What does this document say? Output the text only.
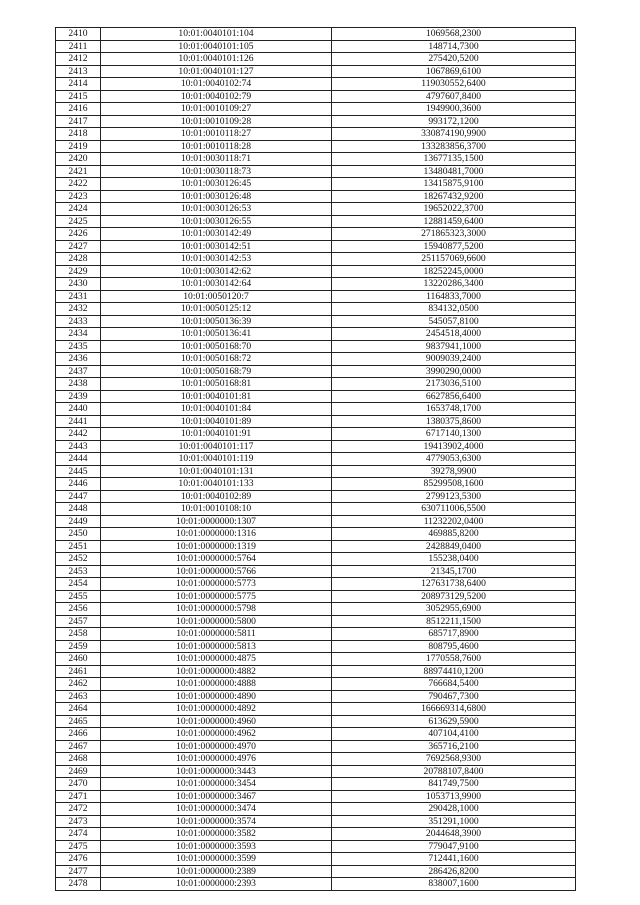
2410	10:01:0040101:104	1069568,2300
2411	10:01:0040101:105	148714,7300
2412	10:01:0040101:126	275420,5200
2413	10:01:0040101:127	1067869,6100
2414	10:01:0040102:74	119030552,6400
2415	10:01:0040102:79	4797607,8400
2416	10:01:0010109:27	1949900,3600
2417	10:01:0010109:28	993172,1200
2418	10:01:0010118:27	330874190,9900
2419	10:01:0010118:28	133283856,3700
2420	10:01:0030118:71	13677135,1500
2421	10:01:0030118:73	13480481,7000
2422	10:01:0030126:45	13415875,9100
2423	10:01:0030126:48	18267432,9200
2424	10:01:0030126:53	19652022,3700
2425	10:01:0030126:55	12881459,6400
2426	10:01:0030142:49	271865323,3000
2427	10:01:0030142:51	15940877,5200
2428	10:01:0030142:53	251157069,6600
2429	10:01:0030142:62	18252245,0000
2430	10:01:0030142:64	13220286,3400
2431	10:01:0050120:7	1164833,7000
2432	10:01:0050125:12	834132,0500
2433	10:01:0050136:39	545057,8100
2434	10:01:0050136:41	2454518,4000
2435	10:01:0050168:70	9837941,1000
2436	10:01:0050168:72	9009039,2400
2437	10:01:0050168:79	3990290,0000
2438	10:01:0050168:81	2173036,5100
2439	10:01:0040101:81	6627856,6400
2440	10:01:0040101:84	1653748,1700
2441	10:01:0040101:89	1380375,8600
2442	10:01:0040101:91	6717140,1300
2443	10:01:0040101:117	19413902,4000
2444	10:01:0040101:119	4779053,6300
2445	10:01:0040101:131	39278,9900
2446	10:01:0040101:133	85299508,1600
2447	10:01:0040102:89	2799123,5300
2448	10:01:0010108:10	630711006,5500
2449	10:01:0000000:1307	11232202,0400
2450	10:01:0000000:1316	469885,8200
2451	10:01:0000000:1319	2428849,0400
2452	10:01:0000000:5764	155238,0400
2453	10:01:0000000:5766	21345,1700
2454	10:01:0000000:5773	127631738,6400
2455	10:01:0000000:5775	208973129,5200
2456	10:01:0000000:5798	3052955,6900
2457	10:01:0000000:5800	8512211,1500
2458	10:01:0000000:5811	685717,8900
2459	10:01:0000000:5813	808795,4600
2460	10:01:0000000:4875	1770558,7600
2461	10:01:0000000:4882	88974410,1200
2462	10:01:0000000:4888	766684,5400
2463	10:01:0000000:4890	790467,7300
2464	10:01:0000000:4892	166669314,6800
2465	10:01:0000000:4960	613629,5900
2466	10:01:0000000:4962	407104,4100
2467	10:01:0000000:4970	365716,2100
2468	10:01:0000000:4976	7692568,9300
2469	10:01:0000000:3443	20788107,8400
2470	10:01:0000000:3454	841749,7500
2471	10:01:0000000:3467	1053713,9900
2472	10:01:0000000:3474	290428,1000
2473	10:01:0000000:3574	351291,1000
2474	10:01:0000000:3582	2044648,3900
2475	10:01:0000000:3593	779047,9100
2476	10:01:0000000:3599	712441,1600
2477	10:01:0000000:2389	286426,8200
2478	10:01:0000000:2393	838007,1600
